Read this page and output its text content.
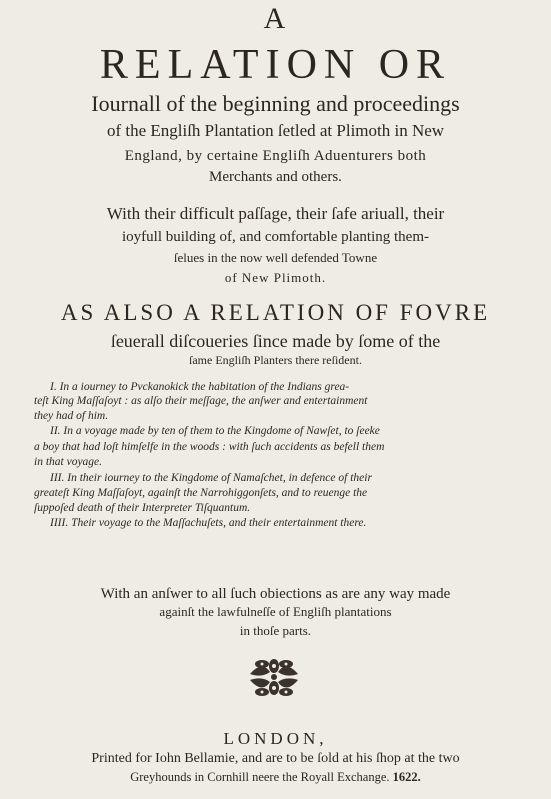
A
RELATION OR
Iournall of the beginning and proceedings
of the Engliſh Plantation ſetled at Plimoth in New
England, by certaine Engliſh Aduenturers both
Merchants and others.
With their difficult paſſage, their ſafe ariuall, their
ioyfull building of, and comfortable planting them-
ſelues in the now well defended Towne
of New Plimoth.
AS ALSO A RELATION OF FOVRE
ſeuerall diſcoueries ſince made by ſome of the
ſame Engliſh Planters there reſident.
I. In a iourney to Pvckanokick the habitation of the Indians grea-
teſt King Maſſaſoyt : as alſo their meſſage, the anſwer and entertainment
they had of him.
II. In a voyage made by ten of them to the Kingdome of Nawſet, to ſeeke
a boy that had loſt himſelfe in the woods : with ſuch accidents as befell them
in that voyage.
III. In their iourney to the Kingdome of Namaſchet, in defence of their
greateſt King Maſſaſoyt, againſt the Narrohiggonſets, and to reuenge the
ſuppoſed death of their Interpreter Tiſquantum.
IIII. Their voyage to the Maſſachuſets, and their entertainment there.
With an anſwer to all ſuch obiections as are any way made
againſt the lawfulneſſe of Engliſh plantations
in thoſe parts.
LONDON,
Printed for Iohn Bellamie, and are to be ſold at his ſhop at the two
Greyhounds in Cornhill neere the Royall Exchange. 1622.
